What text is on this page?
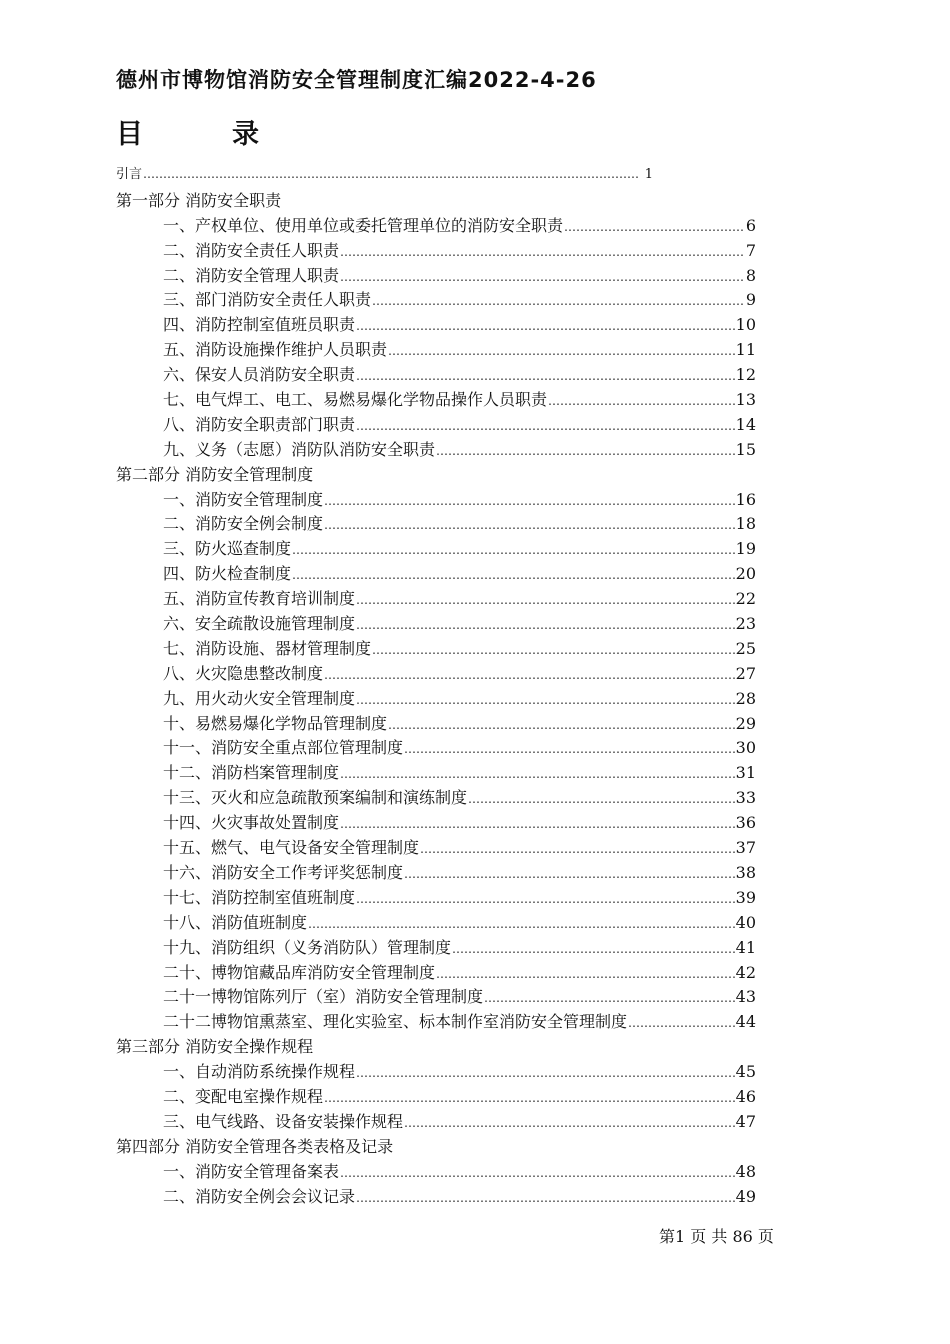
德州市博物馆消防安全管理制度汇编2022-4-26
目　　　录
引言 ……………………………………………………………………………………………………………………………………………………………………………………	1
第一部分 消防安全职责
一、产权单位、使用单位或委托管理单位的消防安全职责 ……………………………………………………………………………………………………………………………………………………………………………………	6
二、消防安全责任人职责 ……………………………………………………………………………………………………………………………………………………………………………………	7
二、消防安全管理人职责 ……………………………………………………………………………………………………………………………………………………………………………………	8
三、部门消防安全责任人职责 ……………………………………………………………………………………………………………………………………………………………………………………	9
四、消防控制室值班员职责 ……………………………………………………………………………………………………………………………………………………………………………………	10
五、消防设施操作维护人员职责 ……………………………………………………………………………………………………………………………………………………………………………………	11
六、保安人员消防安全职责 ……………………………………………………………………………………………………………………………………………………………………………………	12
七、电气焊工、电工、易燃易爆化学物品操作人员职责 ……………………………………………………………………………………………………………………………………………………………………………………	13
八、消防安全职责部门职责 ……………………………………………………………………………………………………………………………………………………………………………………	14
九、义务（志愿）消防队消防安全职责 ……………………………………………………………………………………………………………………………………………………………………………………	15
第二部分 消防安全管理制度
一、消防安全管理制度 ……………………………………………………………………………………………………………………………………………………………………………………	16
二、消防安全例会制度 ……………………………………………………………………………………………………………………………………………………………………………………	18
三、防火巡查制度 ……………………………………………………………………………………………………………………………………………………………………………………	19
四、防火检查制度 ……………………………………………………………………………………………………………………………………………………………………………………	20
五、消防宣传教育培训制度 ……………………………………………………………………………………………………………………………………………………………………………………	22
六、安全疏散设施管理制度 ……………………………………………………………………………………………………………………………………………………………………………………	23
七、消防设施、器材管理制度 ……………………………………………………………………………………………………………………………………………………………………………………	25
八、火灾隐患整改制度 ……………………………………………………………………………………………………………………………………………………………………………………	27
九、用火动火安全管理制度 ……………………………………………………………………………………………………………………………………………………………………………………	28
十、易燃易爆化学物品管理制度 ……………………………………………………………………………………………………………………………………………………………………………………	29
十一、消防安全重点部位管理制度 ……………………………………………………………………………………………………………………………………………………………………………………	30
十二、消防档案管理制度 ……………………………………………………………………………………………………………………………………………………………………………………	31
十三、灭火和应急疏散预案编制和演练制度 ……………………………………………………………………………………………………………………………………………………………………………………	33
十四、火灾事故处置制度 ……………………………………………………………………………………………………………………………………………………………………………………	36
十五、燃气、电气设备安全管理制度 ……………………………………………………………………………………………………………………………………………………………………………………	37
十六、消防安全工作考评奖惩制度 ……………………………………………………………………………………………………………………………………………………………………………………	38
十七、消防控制室值班制度 ……………………………………………………………………………………………………………………………………………………………………………………	39
十八、消防值班制度 ……………………………………………………………………………………………………………………………………………………………………………………	40
十九、消防组织（义务消防队）管理制度 ……………………………………………………………………………………………………………………………………………………………………………………	41
二十、博物馆藏品库消防安全管理制度 ……………………………………………………………………………………………………………………………………………………………………………………	42
二十一博物馆陈列厅（室）消防安全管理制度 ……………………………………………………………………………………………………………………………………………………………………………………	43
二十二博物馆熏蒸室、理化实验室、标本制作室消防安全管理制度 ……………………………………………………………………………………………………………………………………………………………………………………	44
第三部分 消防安全操作规程
一、自动消防系统操作规程 ……………………………………………………………………………………………………………………………………………………………………………………	45
二、变配电室操作规程 ……………………………………………………………………………………………………………………………………………………………………………………	46
三、电气线路、设备安装操作规程 ……………………………………………………………………………………………………………………………………………………………………………………	47
第四部分 消防安全管理各类表格及记录
一、消防安全管理备案表 ……………………………………………………………………………………………………………………………………………………………………………………	48
二、消防安全例会会议记录 ……………………………………………………………………………………………………………………………………………………………………………………	49
第1 页 共 86 页
